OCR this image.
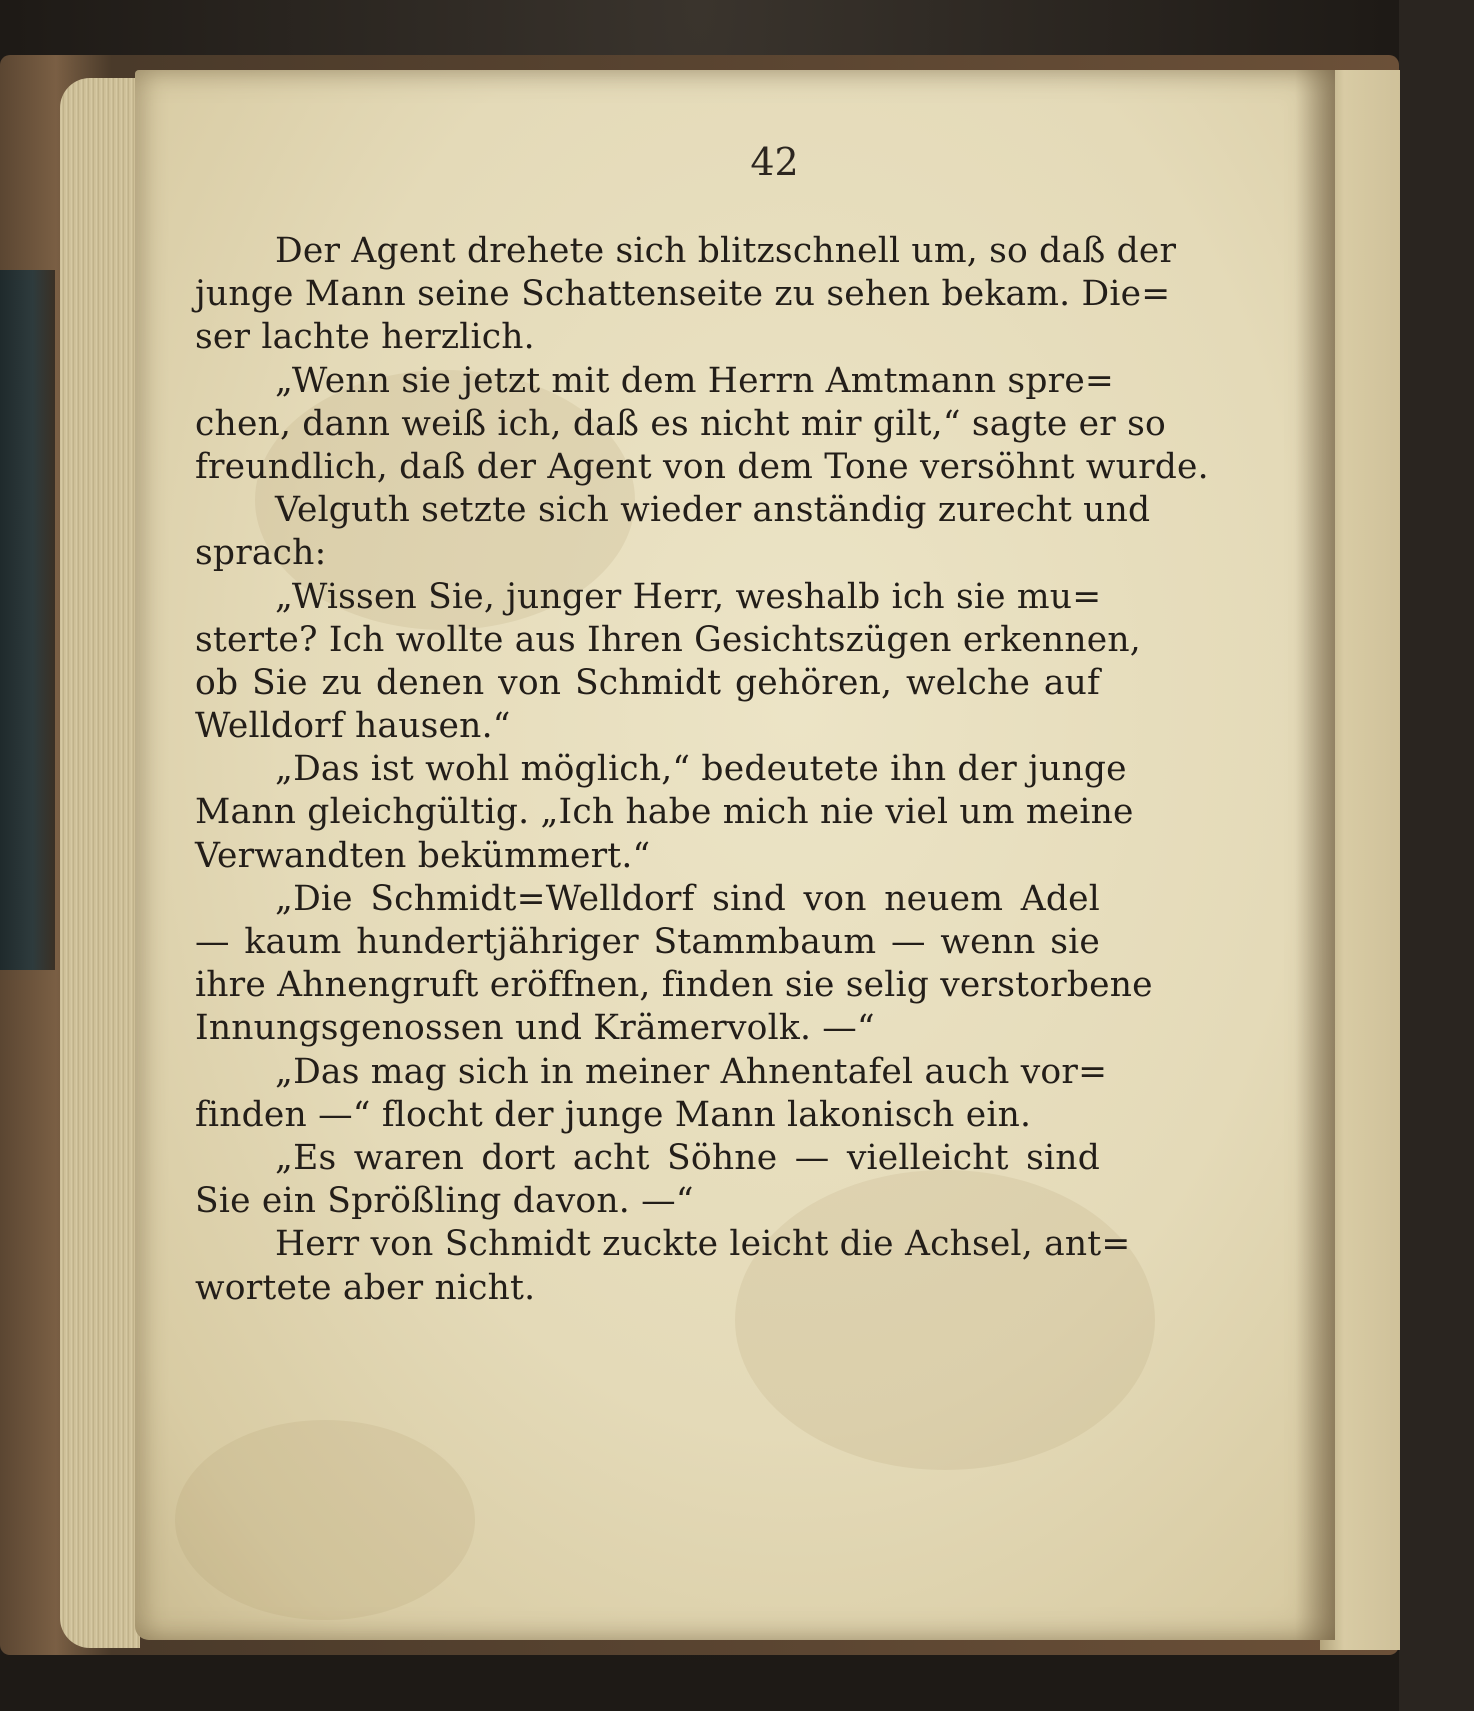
42
Der Agent drehete sich blitzschnell um, so daß der
junge Mann seine Schattenseite zu sehen bekam. Die=
ser lachte herzlich.
„Wenn sie jetzt mit dem Herrn Amtmann spre=
chen, dann weiß ich, daß es nicht mir gilt,“ sagte er so
freundlich, daß der Agent von dem Tone versöhnt wurde.
Velguth setzte sich wieder anständig zurecht und
sprach:
„Wissen Sie, junger Herr, weshalb ich sie mu=
sterte? Ich wollte aus Ihren Gesichtszügen erkennen,
ob Sie zu denen von Schmidt gehören, welche auf
Welldorf hausen.“
„Das ist wohl möglich,“ bedeutete ihn der junge
Mann gleichgültig. „Ich habe mich nie viel um meine
Verwandten bekümmert.“
„Die Schmidt=Welldorf sind von neuem Adel
— kaum hundertjähriger Stammbaum — wenn sie
ihre Ahnengruft eröffnen, finden sie selig verstorbene
Innungsgenossen und Krämervolk. —“
„Das mag sich in meiner Ahnentafel auch vor=
finden —“ flocht der junge Mann lakonisch ein.
„Es waren dort acht Söhne — vielleicht sind
Sie ein Sprößling davon. —“
Herr von Schmidt zuckte leicht die Achsel, ant=
wortete aber nicht.
